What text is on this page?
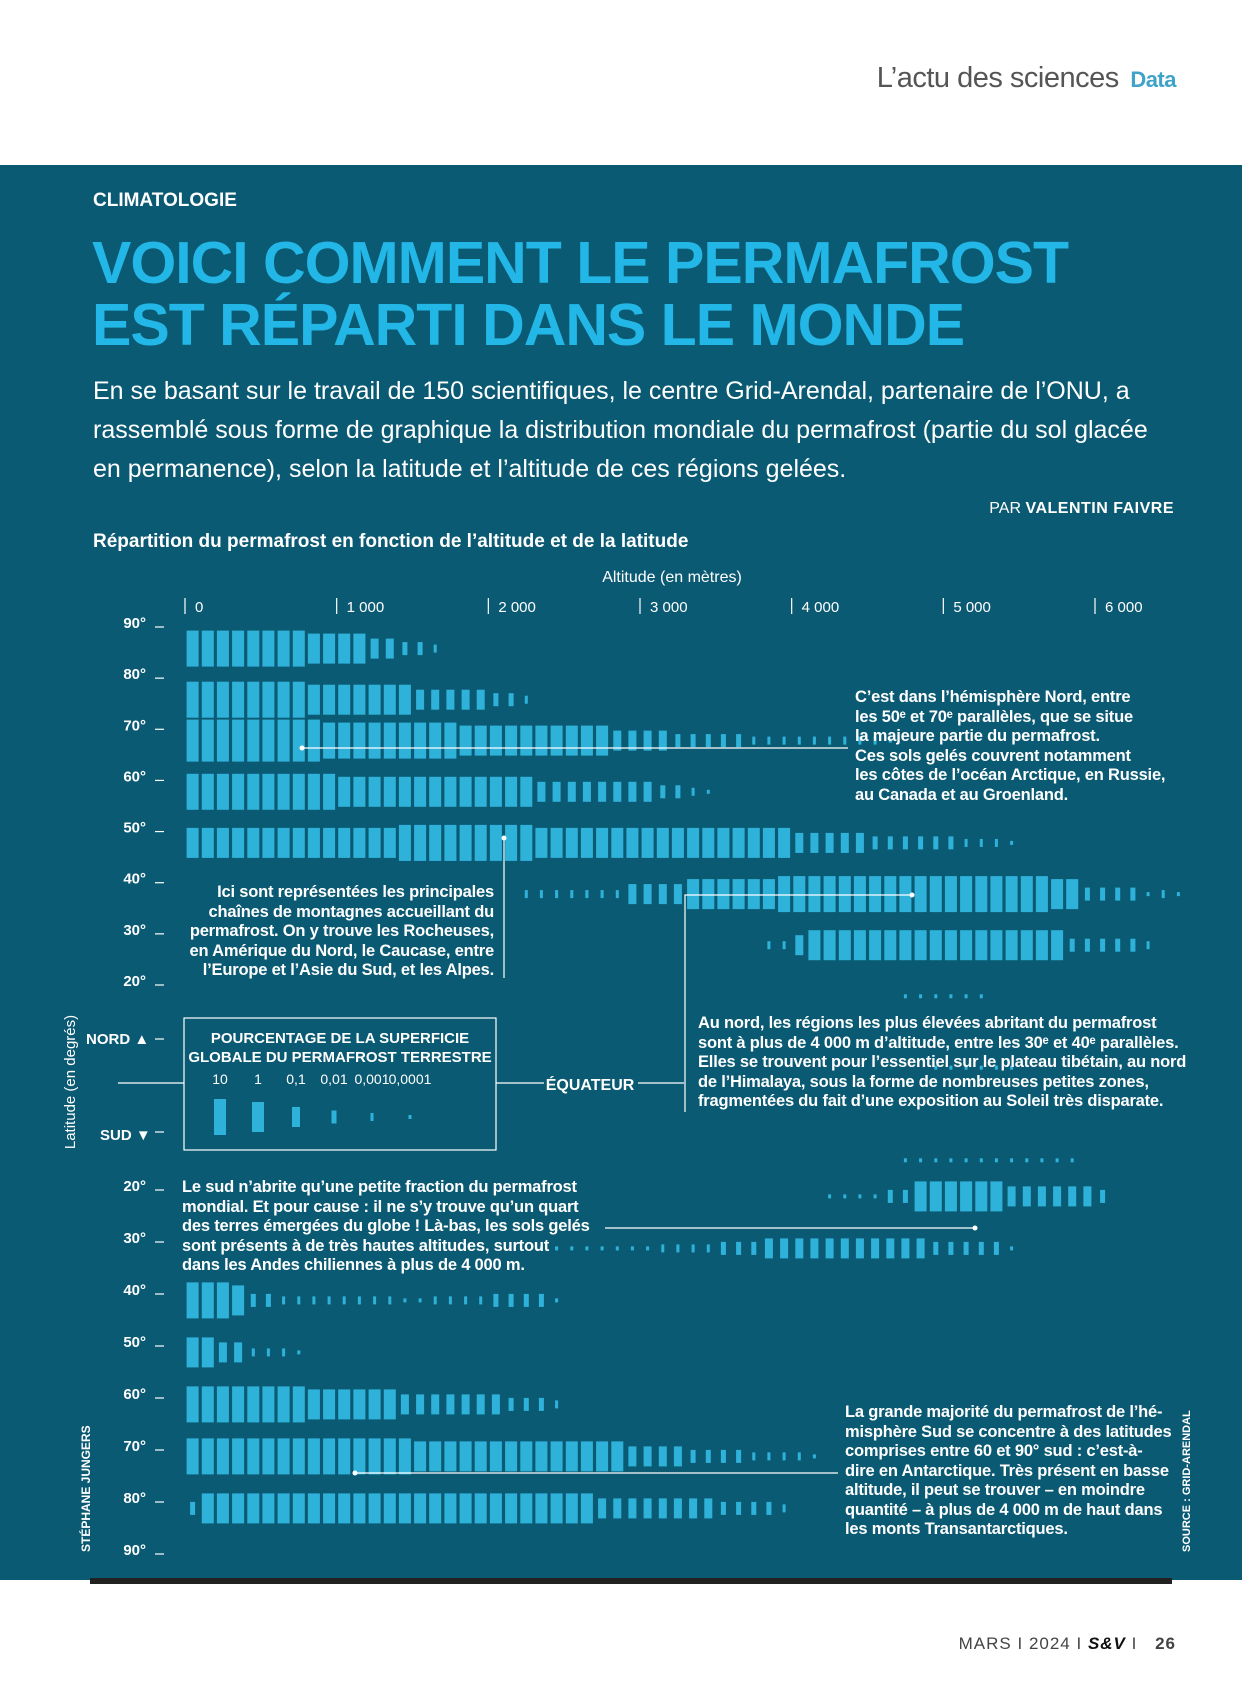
L’actu des sciences Data
CLIMATOLOGIE
VOICI COMMENT LE PERMAFROST
EST RÉPARTI DANS LE MONDE

En se basant sur le travail de 150 scientifiques, le centre Grid-Arendal, partenaire de l’ONU, a rassemblé sous forme de graphique la distribution mondiale du permafrost (partie du sol glacée en permanence), selon la latitude et l’altitude de ces régions gelées.

PAR VALENTIN FAIVRE
Répartition du permafrost en fonction de l’altitude et de la latitude
0	1 000	2 000	3 000	4 000	5 000	6 000
90°
80°
70°
60°
50°
40°
30°
20°
20°
30°
40°
50°
60°
70°
80°
90°
Altitude (en mètres)
Latitude (en degrés) NORD ▲
SUD ▼
POURCENTAGE DE LA SUPERFICIE
GLOBALE DU PERMAFROST TERRESTRE
10 1 0,1 0,01 0,001 0,0001	ÉQUATEUR
STÉPHANE JUNGERS	SOURCE : GRID-ARENDAL
C’est dans l’hémisphère Nord, entre
les 50ᵉ et 70ᵉ parallèles, que se situe
la majeure partie du permafrost.
Ces sols gelés couvrent notamment
les côtes de l’océan Arctique, en Russie,
au Canada et au Groenland.
Ici sont représentées les principales
chaînes de montagnes accueillant du
permafrost. On y trouve les Rocheuses,
en Amérique du Nord, le Caucase, entre
l’Europe et l’Asie du Sud, et les Alpes.
Au nord, les régions les plus élevées abritant du permafrost
sont à plus de 4 000 m d’altitude, entre les 30ᵉ et 40ᵉ parallèles.
Elles se trouvent pour l’essentiel sur le plateau tibétain, au nord
de l’Himalaya, sous la forme de nombreuses petites zones,
fragmentées du fait d’une exposition au Soleil très disparate.
Le sud n’abrite qu’une petite fraction du permafrost
mondial. Et pour cause : il ne s’y trouve qu’un quart
des terres émergées du globe ! Là-bas, les sols gelés
sont présents à de très hautes altitudes, surtout
dans les Andes chiliennes à plus de 4 000 m.
La grande majorité du permafrost de l’hé-
misphère Sud se concentre à des latitudes
comprises entre 60 et 90° sud : c’est-à-
dire en Antarctique. Très présent en basse
altitude, il peut se trouver – en moindre
quantité – à plus de 4 000 m de haut dans
les monts Transantarctiques.
MARS I 2024 I S&V I 26
